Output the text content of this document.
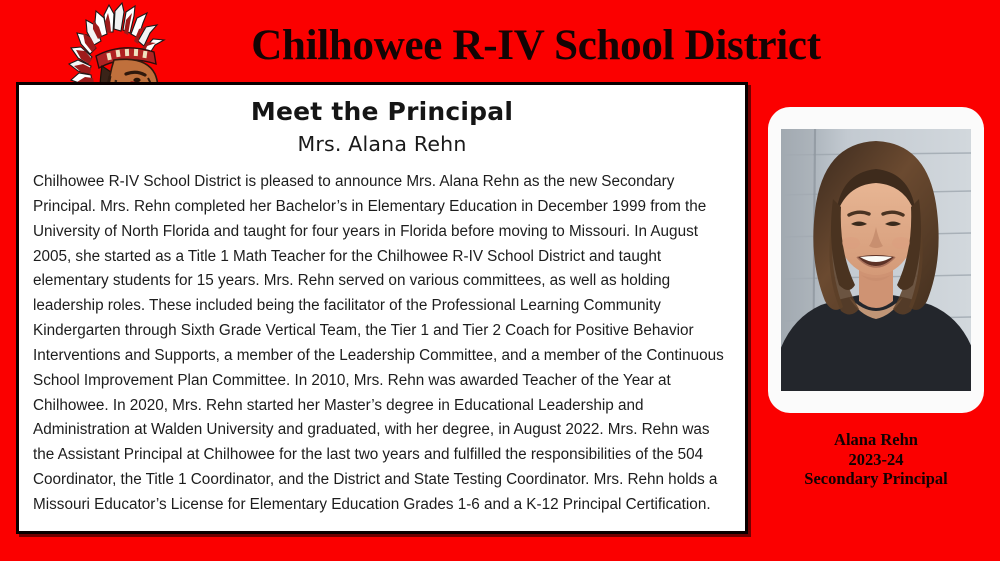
Chilhowee R-IV School District
Meet the Principal
Mrs. Alana Rehn
Chilhowee R-IV School District is pleased to announce Mrs. Alana Rehn as the new Secondary Principal. Mrs. Rehn completed her Bachelor’s in Elementary Education in December 1999 from the University of North Florida and taught for four years in Florida before moving to Missouri. In August 2005, she started as a Title 1 Math Teacher for the Chilhowee R-IV School District and taught elementary students for 15 years. Mrs. Rehn served on various committees, as well as holding leadership roles. These included being the facilitator of the Professional Learning Community Kindergarten through Sixth Grade Vertical Team, the Tier 1 and Tier 2 Coach for Positive Behavior Interventions and Supports, a member of the Leadership Committee, and a member of the Continuous School Improvement Plan Committee. In 2010, Mrs. Rehn was awarded Teacher of the Year at Chilhowee. In 2020, Mrs. Rehn started her Master’s degree in Educational Leadership and Administration at Walden University and graduated, with her degree, in August 2022. Mrs. Rehn was the Assistant Principal at Chilhowee for the last two years and fulfilled the responsibilities of the 504 Coordinator, the Title 1 Coordinator, and the District and State Testing Coordinator. Mrs. Rehn holds a Missouri Educator’s License for Elementary Education Grades 1-6 and a K-12 Principal Certification.
Alana Rehn
2023-24
Secondary Principal
